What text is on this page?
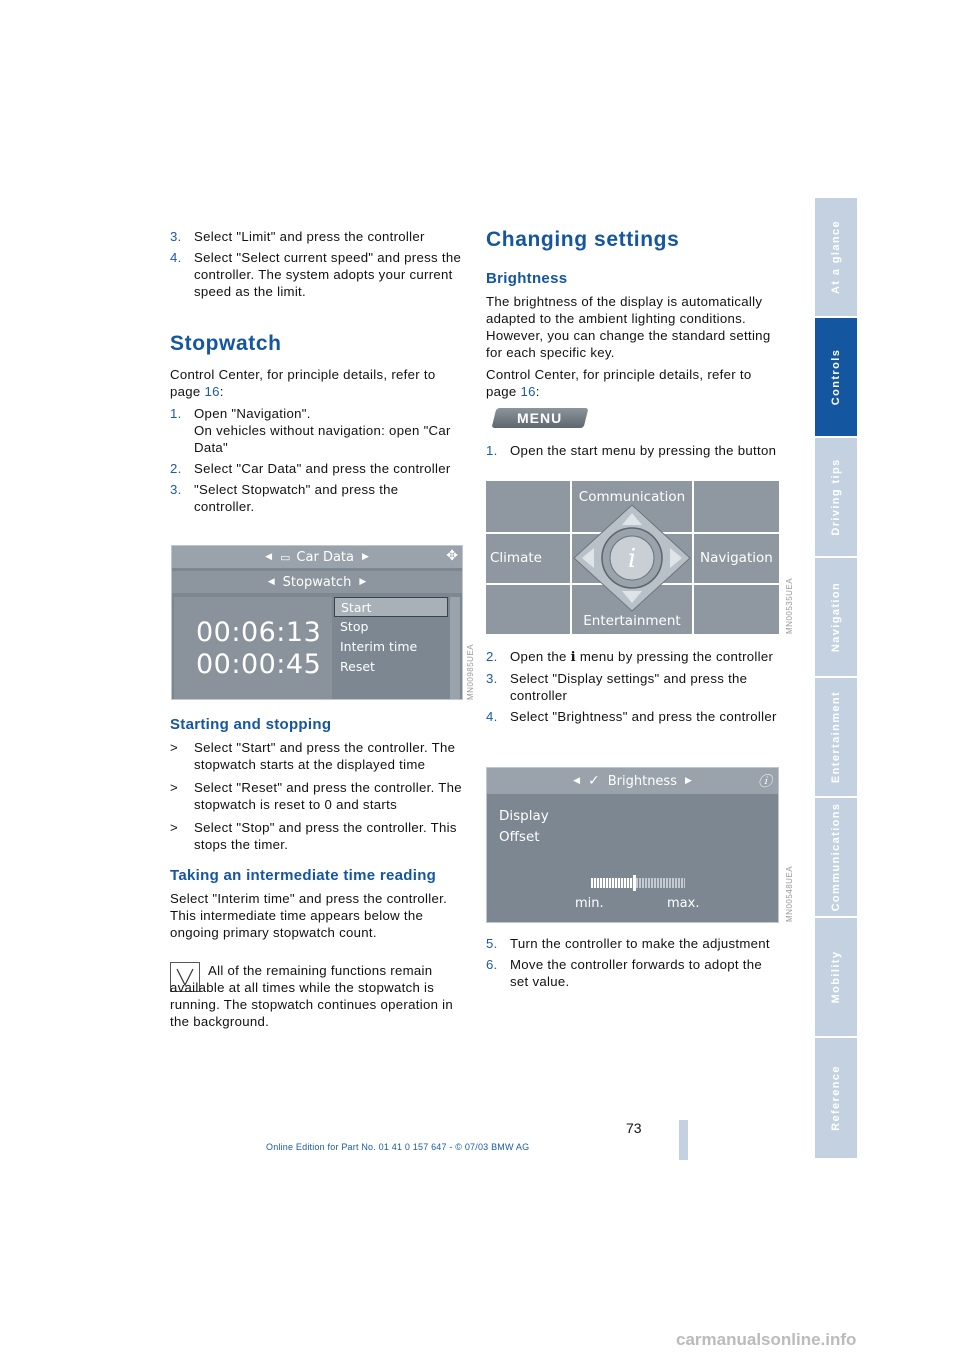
At a glance
Controls
Driving tips
Navigation
Entertainment
Communications
Mobility
Reference
3. Select "Limit" and press the controller
4. Select "Select current speed" and press the controller. The system adopts your current speed as the limit.
Stopwatch

Control Center, for principle details, refer to page 16:

1. Open "Navigation".
On vehicles without navigation: open "Car Data"
2. Select "Car Data" and press the controller
3. "Select Stopwatch" and press the controller.
◀ ▭ Car Data ▶	✥
◀ Stopwatch ▶
00:06:13
00:00:45
Start
Stop
Interim time
Reset	MN00985UEA
Starting and stopping
> Select "Start" and press the controller. The stopwatch starts at the displayed time
> Select "Reset" and press the controller. The stopwatch is reset to 0 and starts
> Select "Stop" and press the controller. This stops the timer.
Taking an intermediate time reading

Select "Interim time" and press the controller. This intermediate time appears below the ongoing primary stopwatch count.

All of the remaining functions remain available at all times while the stopwatch is running. The stopwatch continues operation in the background.

Changing settings
Brightness

The brightness of the display is automatically adapted to the ambient lighting conditions. However, you can change the standard setting for each specific key.

Control Center, for principle details, refer to page 16:

MENU
1. Open the start menu by pressing the button
Communication
Climate	Navigation
Entertainment
i
MN00535UEA
2. Open the i menu by pressing the controller
3. Select "Display settings" and press the controller
4. Select "Brightness" and press the controller
◀ ✓ Brightness ▶	ⓘ
Display
Offset
min.	max.	MN00548UEA
5. Turn the controller to make the adjustment
6. Move the controller forwards to adopt the set value.
73
Online Edition for Part No. 01 41 0 157 647 - © 07/03 BMW AG
carmanualsonline.info
